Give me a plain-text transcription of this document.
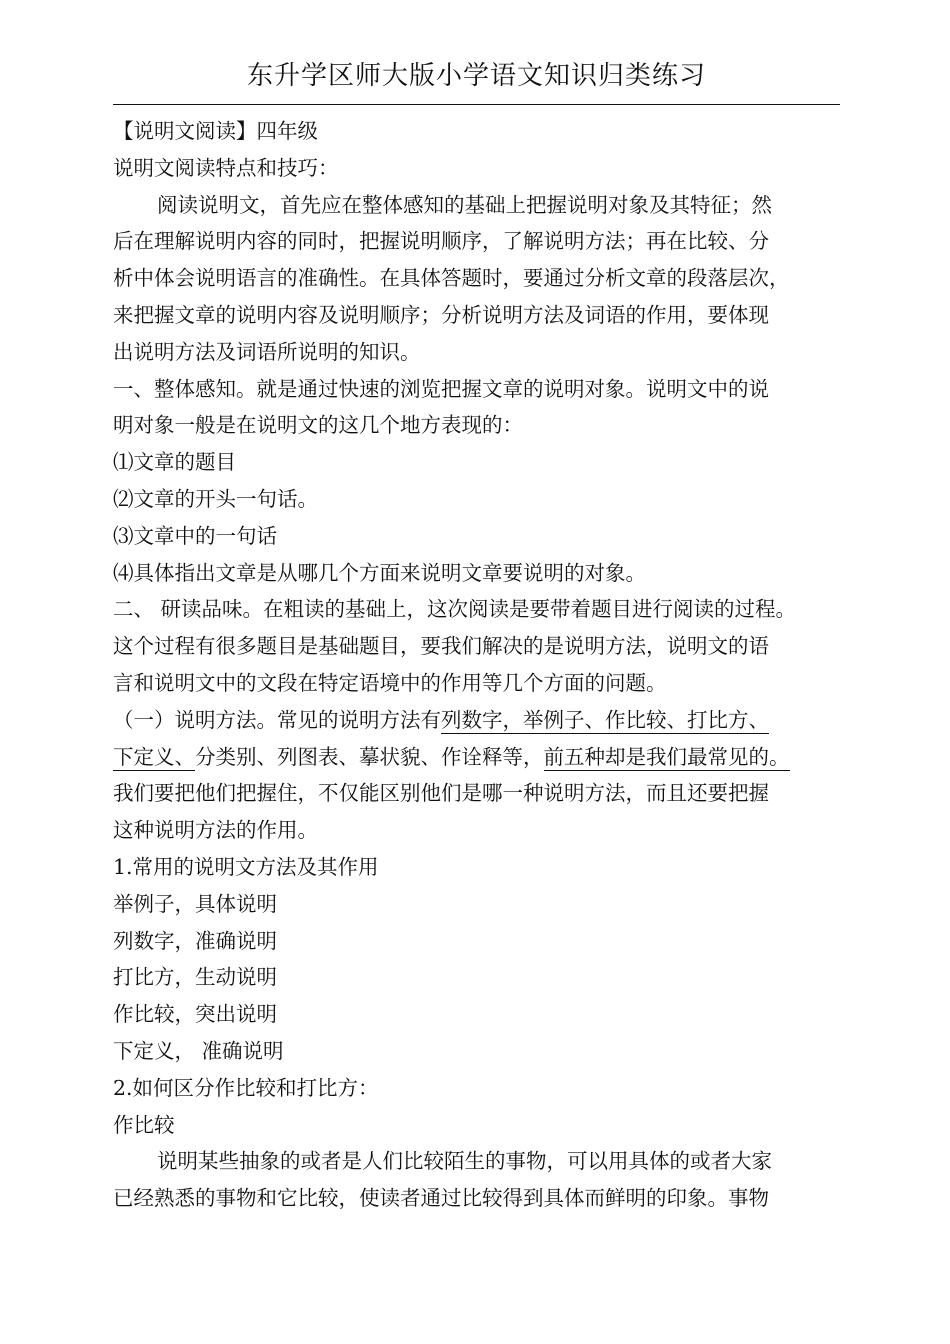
东升学区师大版小学语文知识归类练习
【说明文阅读】四年级
说明文阅读特点和技巧：
阅读说明文，首先应在整体感知的基础上把握说明对象及其特征；然
后在理解说明内容的同时，把握说明顺序，了解说明方法；再在比较、分
析中体会说明语言的准确性。在具体答题时，要通过分析文章的段落层次，
来把握文章的说明内容及说明顺序；分析说明方法及词语的作用，要体现
出说明方法及词语所说明的知识。
一、整体感知。就是通过快速的浏览把握文章的说明对象。说明文中的说
明对象一般是在说明文的这几个地方表现的：
⑴文章的题目
⑵文章的开头一句话。
⑶文章中的一句话
⑷具体指出文章是从哪几个方面来说明文章要说明的对象。
二、 研读品味。在粗读的基础上，这次阅读是要带着题目进行阅读的过程。
这个过程有很多题目是基础题目，要我们解决的是说明方法，说明文的语
言和说明文中的文段在特定语境中的作用等几个方面的问题。
（一）说明方法。常见的说明方法有列数字，举例子、作比较、打比方、
下定义、分类别、列图表、摹状貌、作诠释等，前五种却是我们最常见的。
我们要把他们把握住，不仅能区别他们是哪一种说明方法，而且还要把握
这种说明方法的作用。
1.常用的说明文方法及其作用
举例子，具体说明
列数字，准确说明
打比方，生动说明
作比较，突出说明
下定义， 准确说明
2.如何区分作比较和打比方：
作比较
说明某些抽象的或者是人们比较陌生的事物，可以用具体的或者大家
已经熟悉的事物和它比较，使读者通过比较得到具体而鲜明的印象。事物
